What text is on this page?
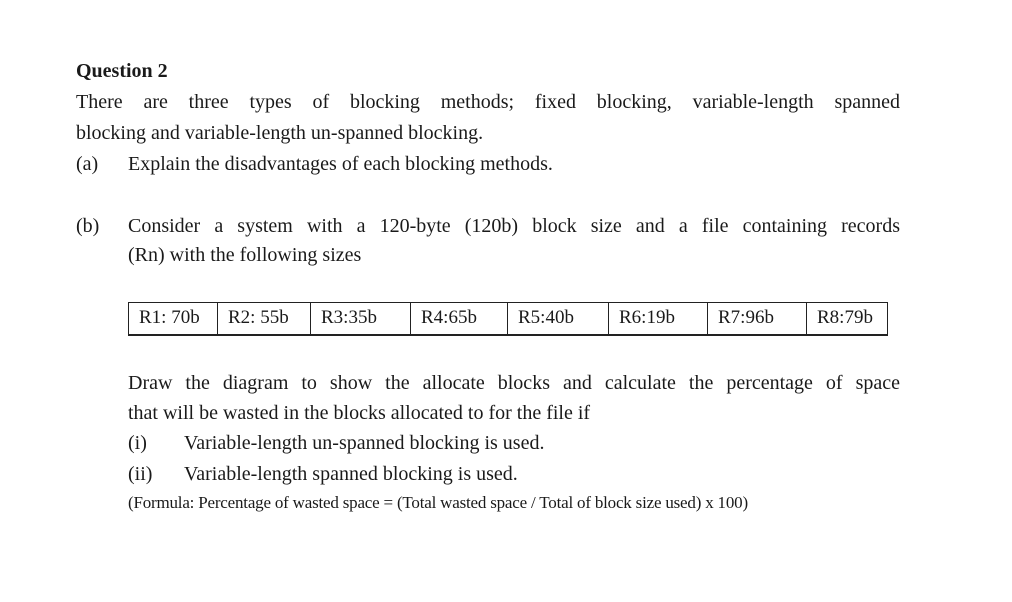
Question 2
There are three types of blocking methods; fixed blocking, variable-length spanned
blocking and variable-length un-spanned blocking.
(a) Explain the disadvantages of each blocking methods.
(b) Consider a system with a 120-byte (120b) block size and a file containing records
(Rn) with the following sizes
R1: 70b	R2: 55b	R3:35b	R4:65b	R5:40b	R6:19b	R7:96b	R8:79b
Draw the diagram to show the allocate blocks and calculate the percentage of space
that will be wasted in the blocks allocated to for the file if
(i) Variable-length un-spanned blocking is used.
(ii) Variable-length spanned blocking is used.
(Formula: Percentage of wasted space = (Total wasted space / Total of block size used) x 100)
